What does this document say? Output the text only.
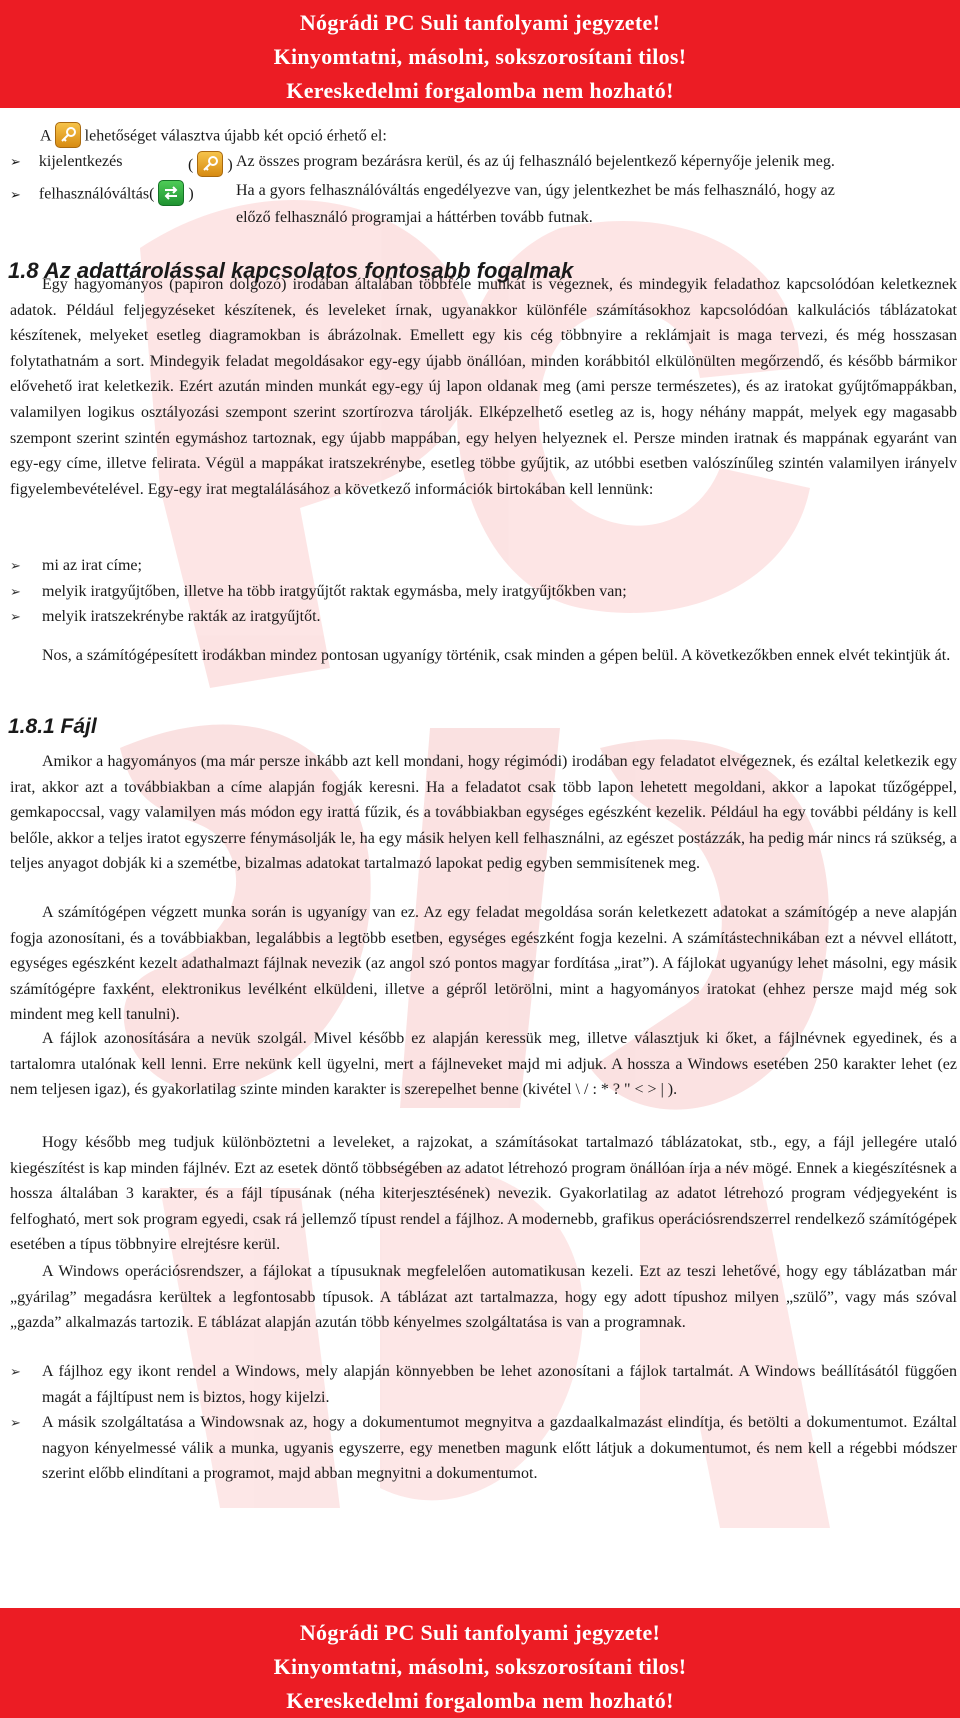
Nógrádi PC Suli tanfolyami jegyzete!
Kinyomtatni, másolni, sokszorosítani tilos!
Kereskedelmi forgalomba nem hozható!
A lehetőséget választva újabb két opció érhető el:
➢ kijelentkezés	( ) Az összes program bezárásra kerül, és az új felhasználó bejelentkező képernyője jelenik meg.
➢ felhasználóváltás( )	Ha a gyors felhasználóváltás engedélyezve van, úgy jelentkezhet be más felhasználó, hogy az
előző felhasználó programjai a háttérben tovább futnak.
1.8 Az adattárolással kapcsolatos fontosabb fogalmak
Egy hagyományos (papíron dolgozó) irodában általában többféle munkát is végeznek, és mindegyik feladathoz kapcsolódóan keletkeznek adatok. Például feljegyzéseket készítenek, és leveleket írnak, ugyanakkor különféle számításokhoz kapcsolódóan kalkulációs táblázatokat készítenek, melyeket esetleg diagramokban is ábrázolnak. Emellett egy kis cég többnyire a reklámjait is maga tervezi, és még hosszasan folytathatnám a sort. Mindegyik feladat megoldásakor egy-egy újabb önállóan, minden korábbitól elkülönülten megőrzendő, és később bármikor elővehető irat keletkezik. Ezért azután minden munkát egy-egy új lapon oldanak meg (ami persze természetes), és az iratokat gyűjtőmappákban, valamilyen logikus osztályozási szempont szerint szortírozva tárolják. Elképzelhető esetleg az is, hogy néhány mappát, melyek egy magasabb szempont szerint szintén egymáshoz tartoznak, egy újabb mappában, egy helyen helyeznek el. Persze minden iratnak és mappának egyaránt van egy-egy címe, illetve felirata. Végül a mappákat iratszekrénybe, esetleg többe gyűjtik, az utóbbi esetben valószínűleg szintén valamilyen irányelv figyelembevételével. Egy-egy irat megtalálásához a következő információk birtokában kell lennünk:
➢ mi az irat címe;
➢ melyik iratgyűjtőben, illetve ha több iratgyűjtőt raktak egymásba, mely iratgyűjtőkben van;
➢ melyik iratszekrénybe rakták az iratgyűjtőt.
Nos, a számítógépesített irodákban mindez pontosan ugyanígy történik, csak minden a gépen belül. A következőkben ennek elvét tekintjük át.
1.8.1 Fájl
Amikor a hagyományos (ma már persze inkább azt kell mondani, hogy régimódi) irodában egy feladatot elvégeznek, és ezáltal keletkezik egy irat, akkor azt a továbbiakban a címe alapján fogják keresni. Ha a feladatot csak több lapon lehetett megoldani, akkor a lapokat tűzőgéppel, gemkapoccsal, vagy valamilyen más módon egy irattá fűzik, és a továbbiakban egységes egészként kezelik. Például ha egy további példány is kell belőle, akkor a teljes iratot egyszerre fénymásolják le, ha egy másik helyen kell felhasználni, az egészet postázzák, ha pedig már nincs rá szükség, a teljes anyagot dobják ki a szemétbe, bizalmas adatokat tartalmazó lapokat pedig egyben semmisítenek meg.
A számítógépen végzett munka során is ugyanígy van ez. Az egy feladat megoldása során keletkezett adatokat a számítógép a neve alapján fogja azonosítani, és a továbbiakban, legalábbis a legtöbb esetben, egységes egészként fogja kezelni. A számítástechnikában ezt a névvel ellátott, egységes egészként kezelt adathalmazt fájlnak nevezik (az angol szó pontos magyar fordítása „irat”). A fájlokat ugyanúgy lehet másolni, egy másik számítógépre faxként, elektronikus levélként elküldeni, illetve a gépről letörölni, mint a hagyományos iratokat (ehhez persze majd még sok mindent meg kell tanulni).
A fájlok azonosítására a nevük szolgál. Mivel később ez alapján keressük meg, illetve választjuk ki őket, a fájlnévnek egyedinek, és a tartalomra utalónak kell lenni. Erre nekünk kell ügyelni, mert a fájlneveket majd mi adjuk. A hossza a Windows esetében 250 karakter lehet (ez nem teljesen igaz), és gyakorlatilag szinte minden karakter is szerepelhet benne (kivétel \ / : * ? " < > | ).
Hogy később meg tudjuk különböztetni a leveleket, a rajzokat, a számításokat tartalmazó táblázatokat, stb., egy, a fájl jellegére utaló kiegészítést is kap minden fájlnév. Ezt az esetek döntő többségében az adatot létrehozó program önállóan írja a név mögé. Ennek a kiegészítésnek a hossza általában 3 karakter, és a fájl típusának (néha kiterjesztésének) nevezik. Gyakorlatilag az adatot létrehozó program védjegyeként is felfogható, mert sok program egyedi, csak rá jellemző típust rendel a fájlhoz. A modernebb, grafikus operációsrendszerrel rendelkező számítógépek esetében a típus többnyire elrejtésre kerül.
A Windows operációsrendszer, a fájlokat a típusuknak megfelelően automatikusan kezeli. Ezt az teszi lehetővé, hogy egy táblázatban már „gyárilag” megadásra kerültek a legfontosabb típusok. A táblázat azt tartalmazza, hogy egy adott típushoz milyen „szülő”, vagy más szóval „gazda” alkalmazás tartozik. E táblázat alapján azután több kényelmes szolgáltatása is van a programnak.
➢ A fájlhoz egy ikont rendel a Windows, mely alapján könnyebben be lehet azonosítani a fájlok tartalmát. A Windows beállításától függően magát a fájltípust nem is biztos, hogy kijelzi.
➢ A másik szolgáltatása a Windowsnak az, hogy a dokumentumot megnyitva a gazdaalkalmazást elindítja, és betölti a dokumentumot. Ezáltal nagyon kényelmessé válik a munka, ugyanis egyszerre, egy menetben magunk előtt látjuk a dokumentumot, és nem kell a régebbi módszer szerint előbb elindítani a programot, majd abban megnyitni a dokumentumot.
Nógrádi PC Suli tanfolyami jegyzete!
Kinyomtatni, másolni, sokszorosítani tilos!
Kereskedelmi forgalomba nem hozható!
